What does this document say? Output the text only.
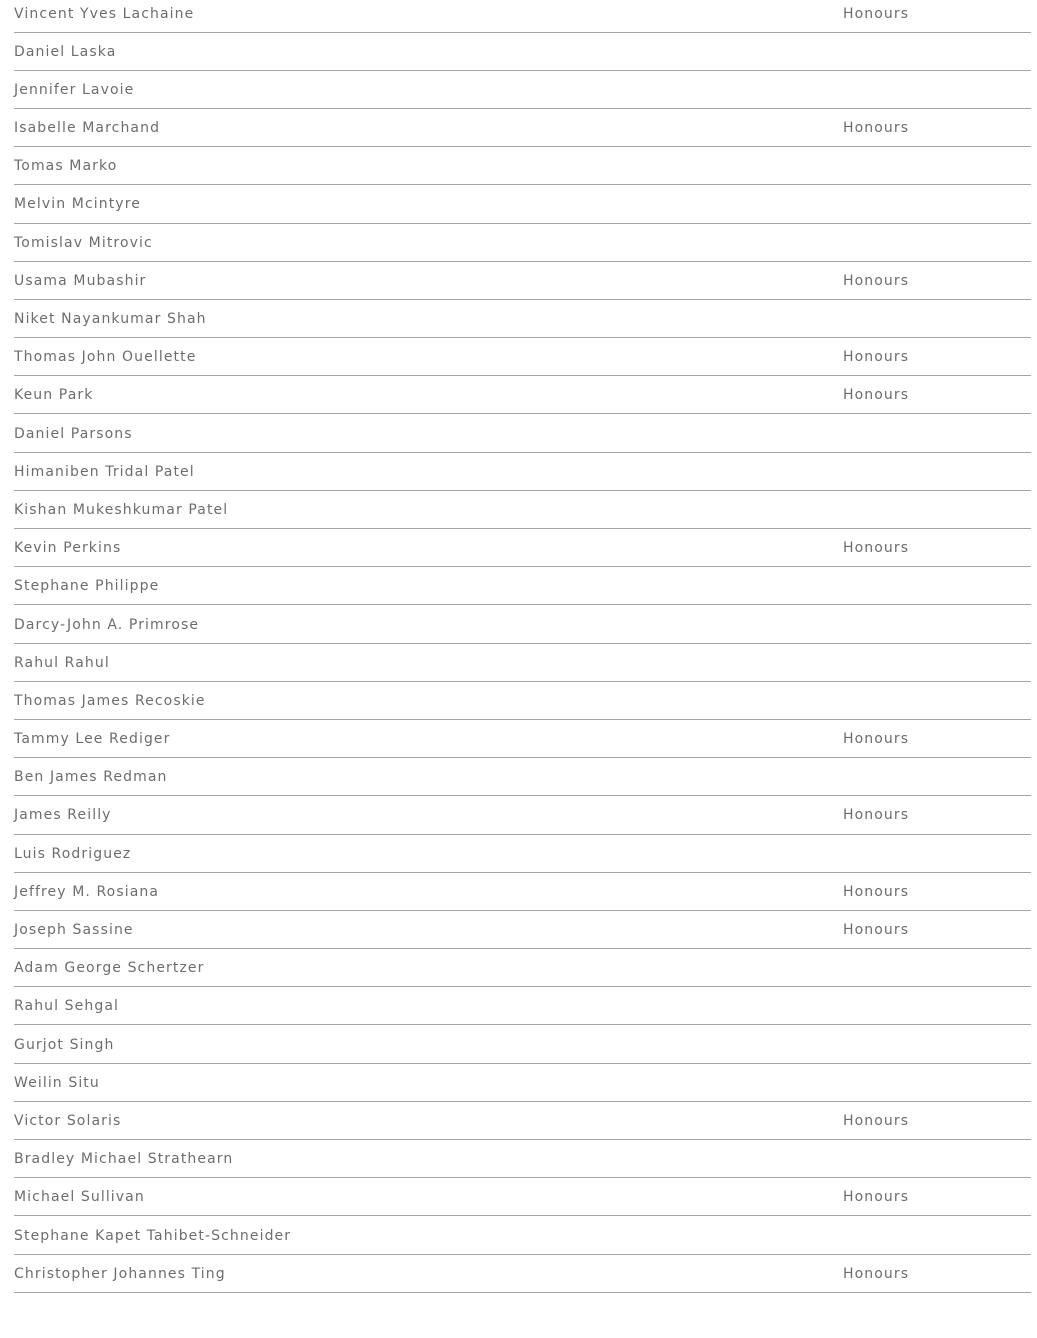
Vincent Yves Lachaine	Honours
Daniel Laska
Jennifer Lavoie
Isabelle Marchand	Honours
Tomas Marko
Melvin Mcintyre
Tomislav Mitrovic
Usama Mubashir	Honours
Niket Nayankumar Shah
Thomas John Ouellette	Honours
Keun Park	Honours
Daniel Parsons
Himaniben Tridal Patel
Kishan Mukeshkumar Patel
Kevin Perkins	Honours
Stephane Philippe
Darcy-John A. Primrose
Rahul Rahul
Thomas James Recoskie
Tammy Lee Rediger	Honours
Ben James Redman
James Reilly	Honours
Luis Rodriguez
Jeffrey M. Rosiana	Honours
Joseph Sassine	Honours
Adam George Schertzer
Rahul Sehgal
Gurjot Singh
Weilin Situ
Victor Solaris	Honours
Bradley Michael Strathearn
Michael Sullivan	Honours
Stephane Kapet Tahibet-Schneider
Christopher Johannes Ting	Honours
